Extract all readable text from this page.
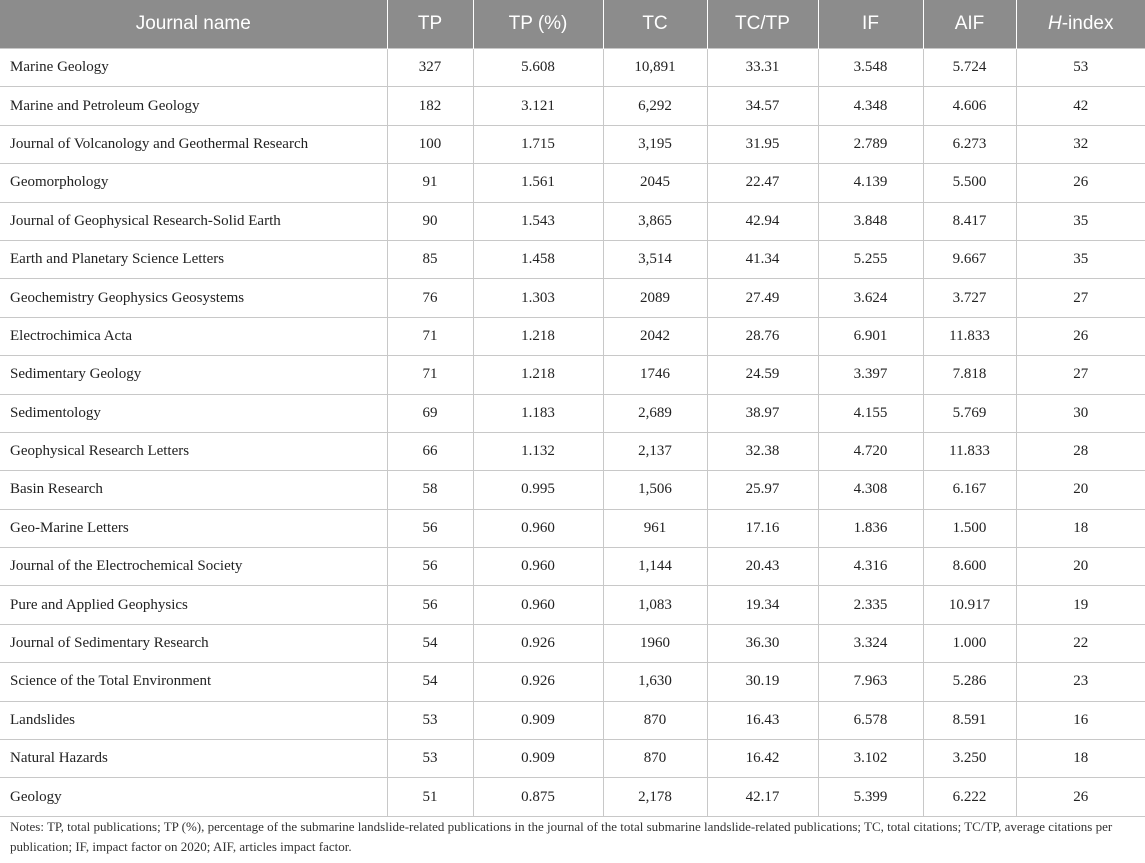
Journal name	TP	TP (%)	TC	TC/TP	IF	AIF	H-index
Marine Geology	327	5.608	10,891	33.31	3.548	5.724	53
Marine and Petroleum Geology	182	3.121	6,292	34.57	4.348	4.606	42
Journal of Volcanology and Geothermal Research	100	1.715	3,195	31.95	2.789	6.273	32
Geomorphology	91	1.561	2045	22.47	4.139	5.500	26
Journal of Geophysical Research-Solid Earth	90	1.543	3,865	42.94	3.848	8.417	35
Earth and Planetary Science Letters	85	1.458	3,514	41.34	5.255	9.667	35
Geochemistry Geophysics Geosystems	76	1.303	2089	27.49	3.624	3.727	27
Electrochimica Acta	71	1.218	2042	28.76	6.901	11.833	26
Sedimentary Geology	71	1.218	1746	24.59	3.397	7.818	27
Sedimentology	69	1.183	2,689	38.97	4.155	5.769	30
Geophysical Research Letters	66	1.132	2,137	32.38	4.720	11.833	28
Basin Research	58	0.995	1,506	25.97	4.308	6.167	20
Geo-Marine Letters	56	0.960	961	17.16	1.836	1.500	18
Journal of the Electrochemical Society	56	0.960	1,144	20.43	4.316	8.600	20
Pure and Applied Geophysics	56	0.960	1,083	19.34	2.335	10.917	19
Journal of Sedimentary Research	54	0.926	1960	36.30	3.324	1.000	22
Science of the Total Environment	54	0.926	1,630	30.19	7.963	5.286	23
Landslides	53	0.909	870	16.43	6.578	8.591	16
Natural Hazards	53	0.909	870	16.42	3.102	3.250	18
Geology	51	0.875	2,178	42.17	5.399	6.222	26
Notes: TP, total publications; TP (%), percentage of the submarine landslide-related publications in the journal of the total submarine landslide-related publications; TC, total citations; TC/TP, average citations per publication; IF, impact factor on 2020; AIF, articles impact factor.
